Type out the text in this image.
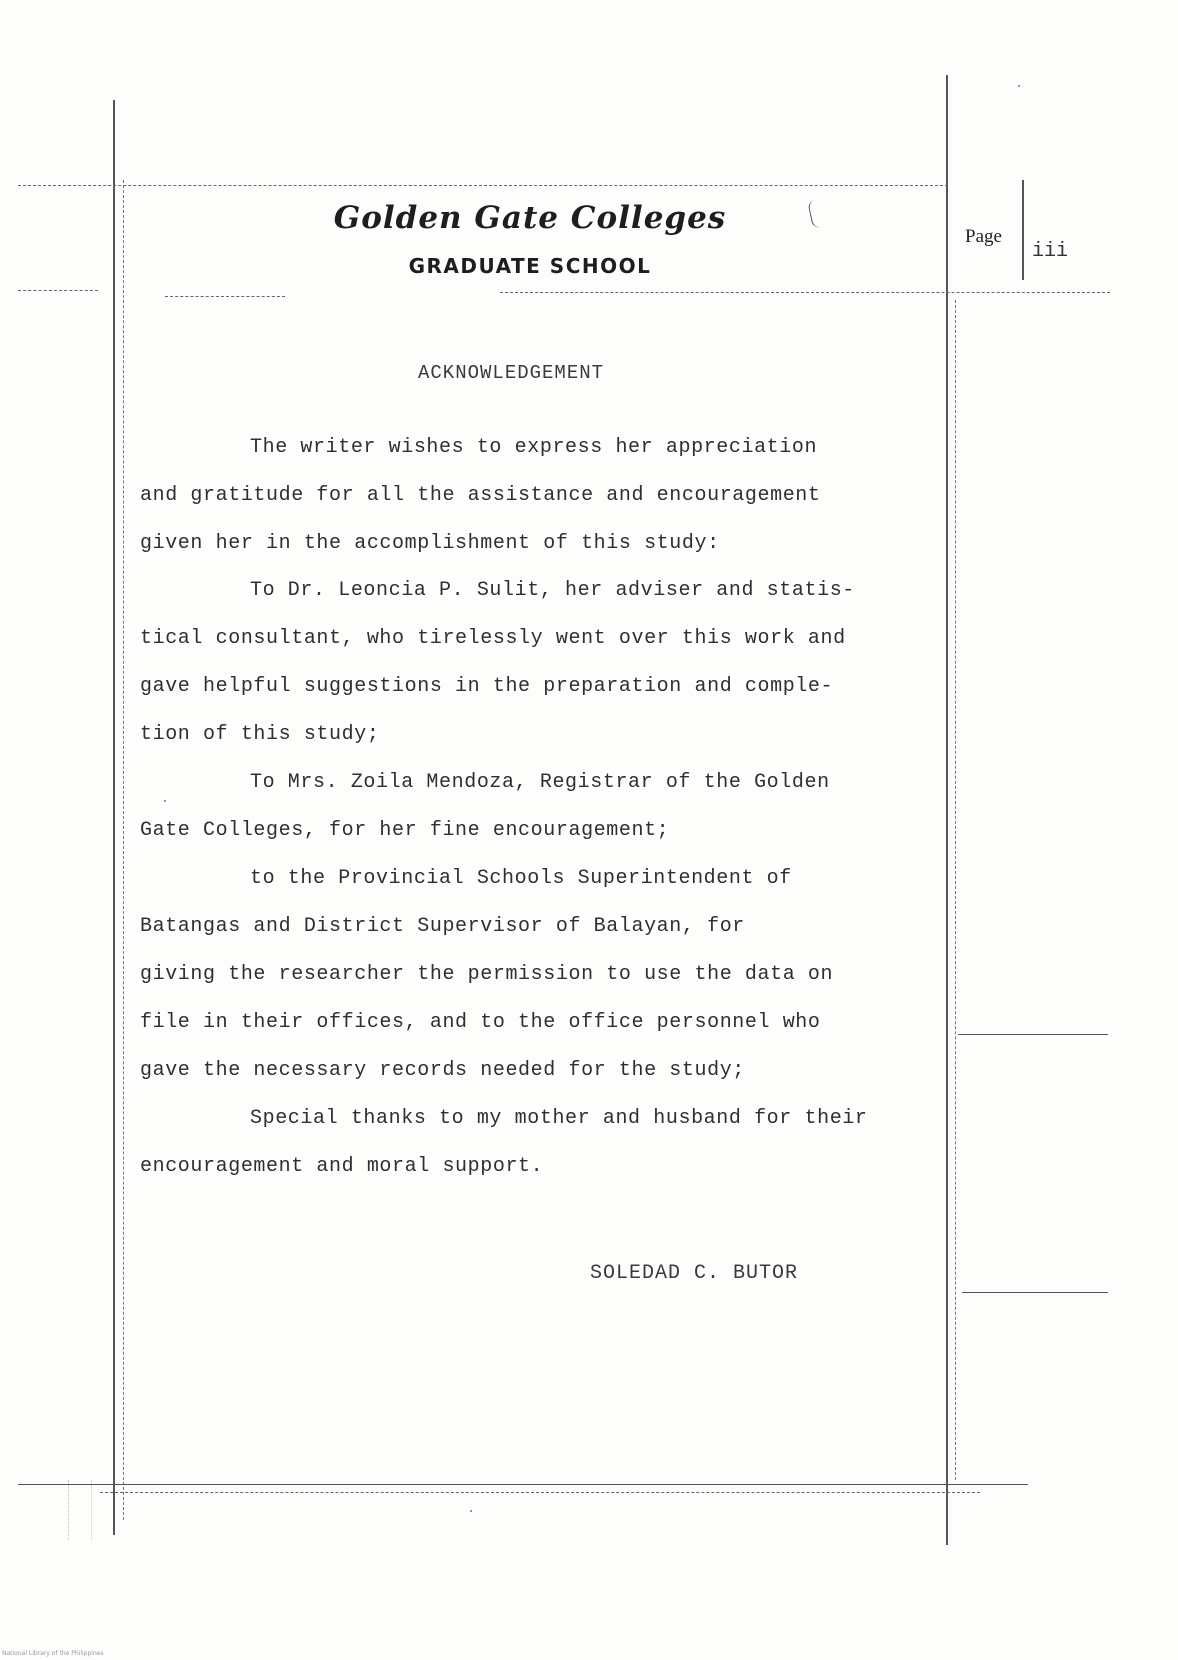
Golden Gate Colleges
GRADUATE SCHOOL
Page
iii
ACKNOWLEDGEMENT
The writer wishes to express her appreciation
and gratitude for all the assistance and encouragement
given her in the accomplishment of this study:
To Dr. Leoncia P. Sulit, her adviser and statis-
tical consultant, who tirelessly went over this work and
gave helpful suggestions in the preparation and comple-
tion of this study;
To Mrs. Zoila Mendoza, Registrar of the Golden
Gate Colleges, for her fine encouragement;
to the Provincial Schools Superintendent of
Batangas and District Supervisor of Balayan, for
giving the researcher the permission to use the data on
file in their offices, and to the office personnel who
gave the necessary records needed for the study;
Special thanks to my mother and husband for their
encouragement and moral support.
SOLEDAD C. BUTOR
National Library of the Philippines
